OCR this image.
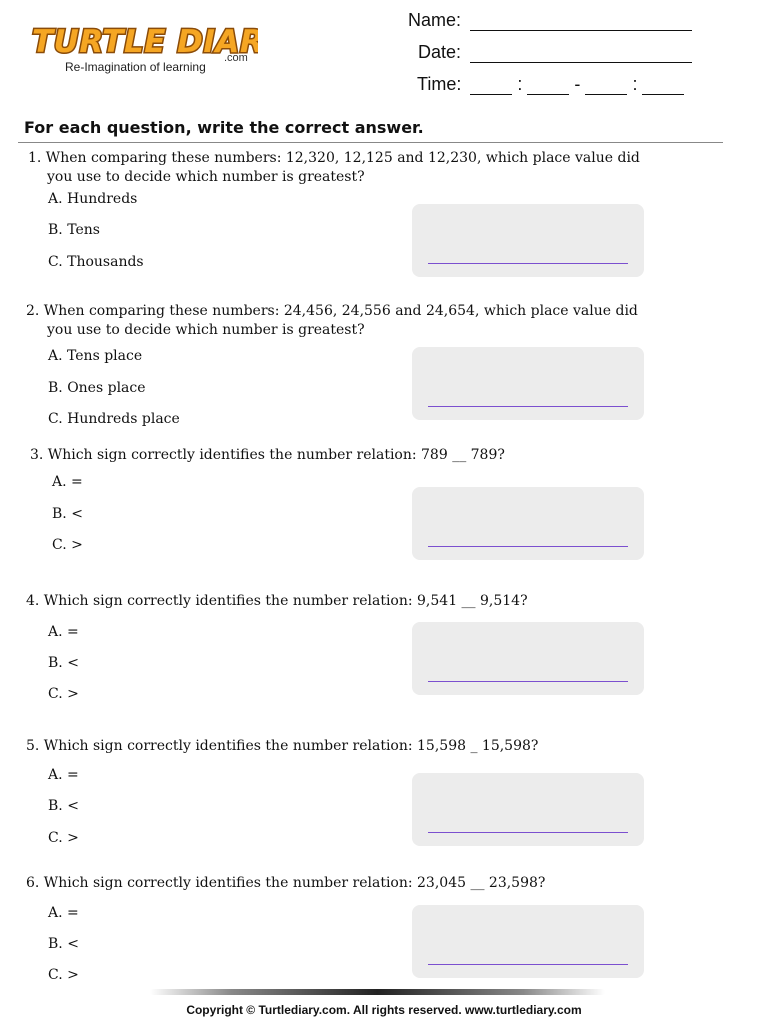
TURTLE DIA
.com
Re-Imagination of learning
Name:
Date:
Time:	:	-	:
For each question, write the correct answer.
1. When comparing these numbers: 12,320, 12,125 and 12,230, which place value did
you use to decide which number is greatest?
A. Hundreds
B. Tens
C. Thousands
2. When comparing these numbers: 24,456, 24,556 and 24,654, which place value did
you use to decide which number is greatest?
A. Tens place
B. Ones place
C. Hundreds place
3. Which sign correctly identifies the number relation: 789 __ 789?
A. =
B. <
C. >
4. Which sign correctly identifies the number relation: 9,541 __ 9,514?
A. =
B. <
C. >
5. Which sign correctly identifies the number relation: 15,598 _ 15,598?
A. =
B. <
C. >
6. Which sign correctly identifies the number relation: 23,045 __ 23,598?
A. =
B. <
C. >
Copyright © Turtlediary.com. All rights reserved. www.turtlediary.com
